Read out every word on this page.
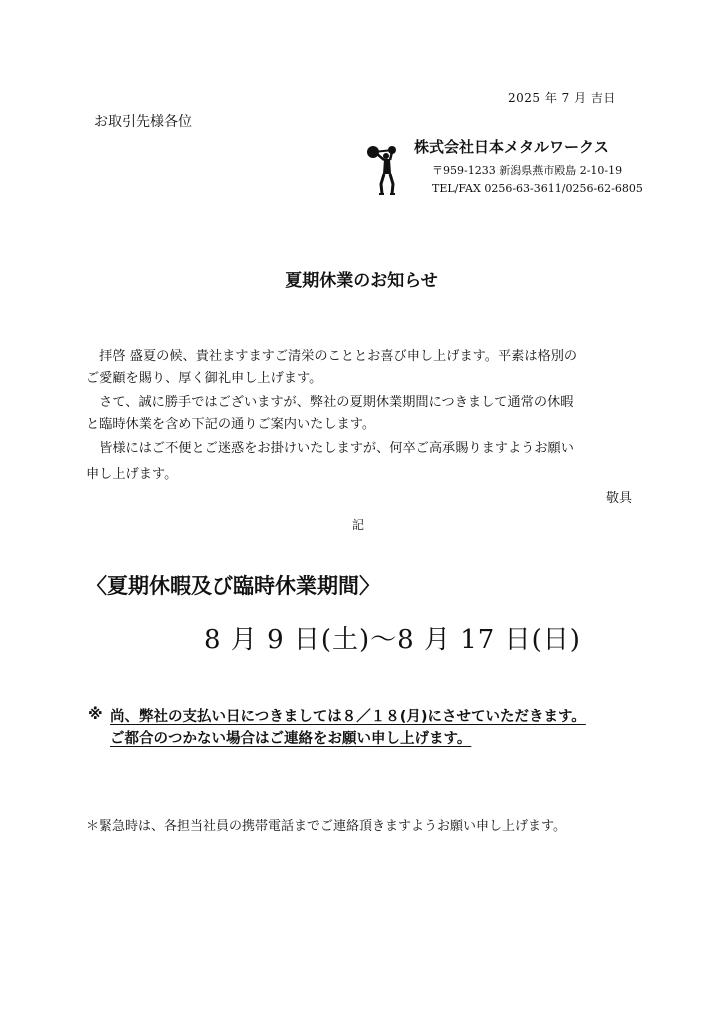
2025 年 7 月 吉日
お取引先様各位
株式会社日本メタルワークス
〒959-1233 新潟県燕市殿島 2-10-19
TEL/FAX 0256-63-3611/0256-62-6805
夏期休業のお知らせ
　拝啓 盛夏の候、貴社ますますご清栄のこととお喜び申し上げます。平素は格別の
ご愛顧を賜り、厚く御礼申し上げます。
　さて、誠に勝手ではございますが、弊社の夏期休業期間につきまして通常の休暇
と臨時休業を含め下記の通りご案内いたします。
　皆様にはご不便とご迷惑をお掛けいたしますが、何卒ご高承賜りますようお願い
申し上げます。
敬具
記
〈夏期休暇及び臨時休業期間〉
8 月 9 日(土)～8 月 17 日(日)
※ 尚、弊社の支払い日につきましては８／１８(月)にさせていただきます。
ご都合のつかない場合はご連絡をお願い申し上げます。
＊緊急時は、各担当社員の携帯電話までご連絡頂きますようお願い申し上げます。
